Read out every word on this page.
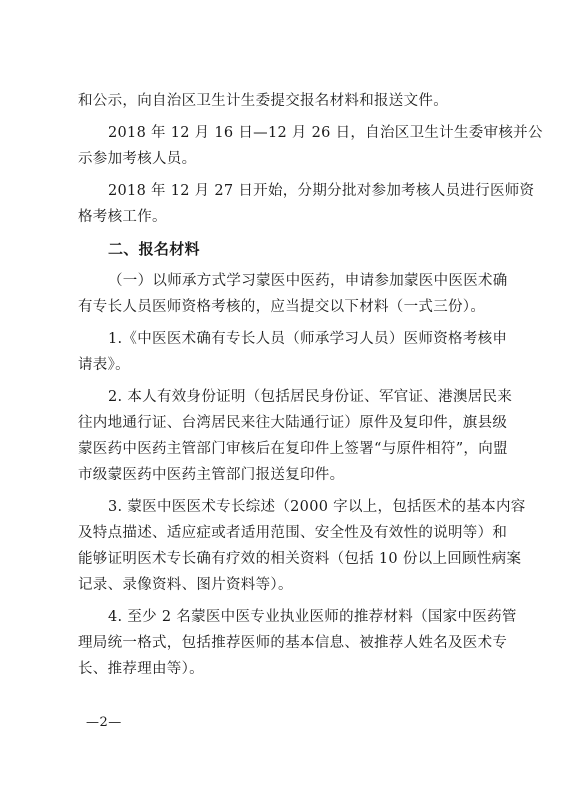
和公示，向自治区卫生计生委提交报名材料和报送文件。
2018 年 12 月 16 日—12 月 26 日，自治区卫生计生委审核并公
示参加考核人员。
2018 年 12 月 27 日开始，分期分批对参加考核人员进行医师资
格考核工作。
二、报名材料
（一）以师承方式学习蒙医中医药，申请参加蒙医中医医术确
有专长人员医师资格考核的，应当提交以下材料（一式三份）。
1.《中医医术确有专长人员（师承学习人员）医师资格考核申
请表》。
2. 本人有效身份证明（包括居民身份证、军官证、港澳居民来
往内地通行证、台湾居民来往大陆通行证）原件及复印件，旗县级
蒙医药中医药主管部门审核后在复印件上签署“与原件相符”，向盟
市级蒙医药中医药主管部门报送复印件。
3. 蒙医中医医术专长综述（2000 字以上，包括医术的基本内容
及特点描述、适应症或者适用范围、安全性及有效性的说明等）和
能够证明医术专长确有疗效的相关资料（包括 10 份以上回顾性病案
记录、录像资料、图片资料等）。
4. 至少 2 名蒙医中医专业执业医师的推荐材料（国家中医药管
理局统一格式，包括推荐医师的基本信息、被推荐人姓名及医术专
长、推荐理由等）。
—2—
